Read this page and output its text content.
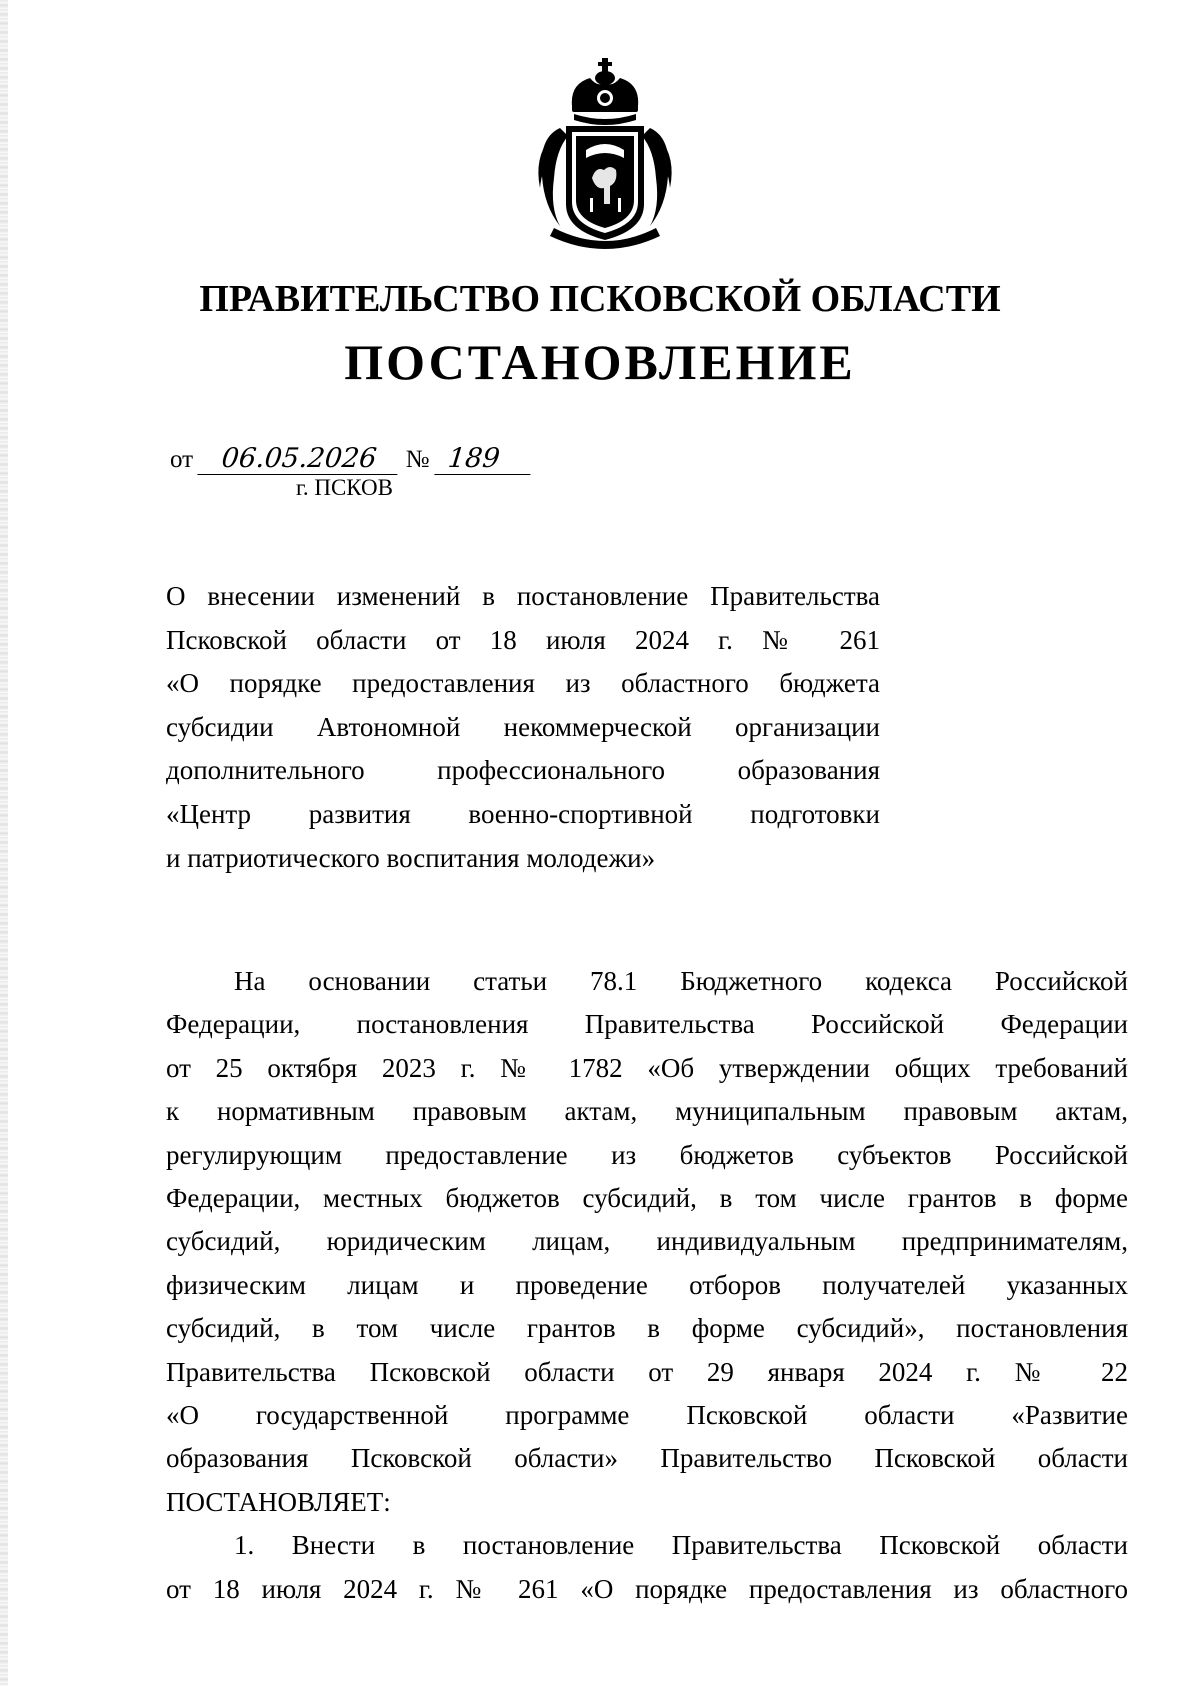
ПРАВИТЕЛЬСТВО ПСКОВСКОЙ ОБЛАСТИ
ПОСТАНОВЛЕНИЕ
от 06.05.2026 № 189
г. ПСКОВ
О внесении изменений в постановление Правительства
Псковской области от 18 июля 2024 г. № 261
«О порядке предоставления из областного бюджета
субсидии Автономной некоммерческой организации
дополнительного профессионального образования
«Центр развития военно-спортивной подготовки
и патриотического воспитания молодежи»
На основании статьи 78.1 Бюджетного кодекса Российской
Федерации, постановления Правительства Российской Федерации
от 25 октября 2023 г. № 1782 «Об утверждении общих требований
к нормативным правовым актам, муниципальным правовым актам,
регулирующим предоставление из бюджетов субъектов Российской
Федерации, местных бюджетов субсидий, в том числе грантов в форме
субсидий, юридическим лицам, индивидуальным предпринимателям,
физическим лицам и проведение отборов получателей указанных
субсидий, в том числе грантов в форме субсидий», постановления
Правительства Псковской области от 29 января 2024 г. № 22
«О государственной программе Псковской области «Развитие
образования Псковской области» Правительство Псковской области
ПОСТАНОВЛЯЕТ:
1. Внести в постановление Правительства Псковской области
от 18 июля 2024 г. № 261 «О порядке предоставления из областного
